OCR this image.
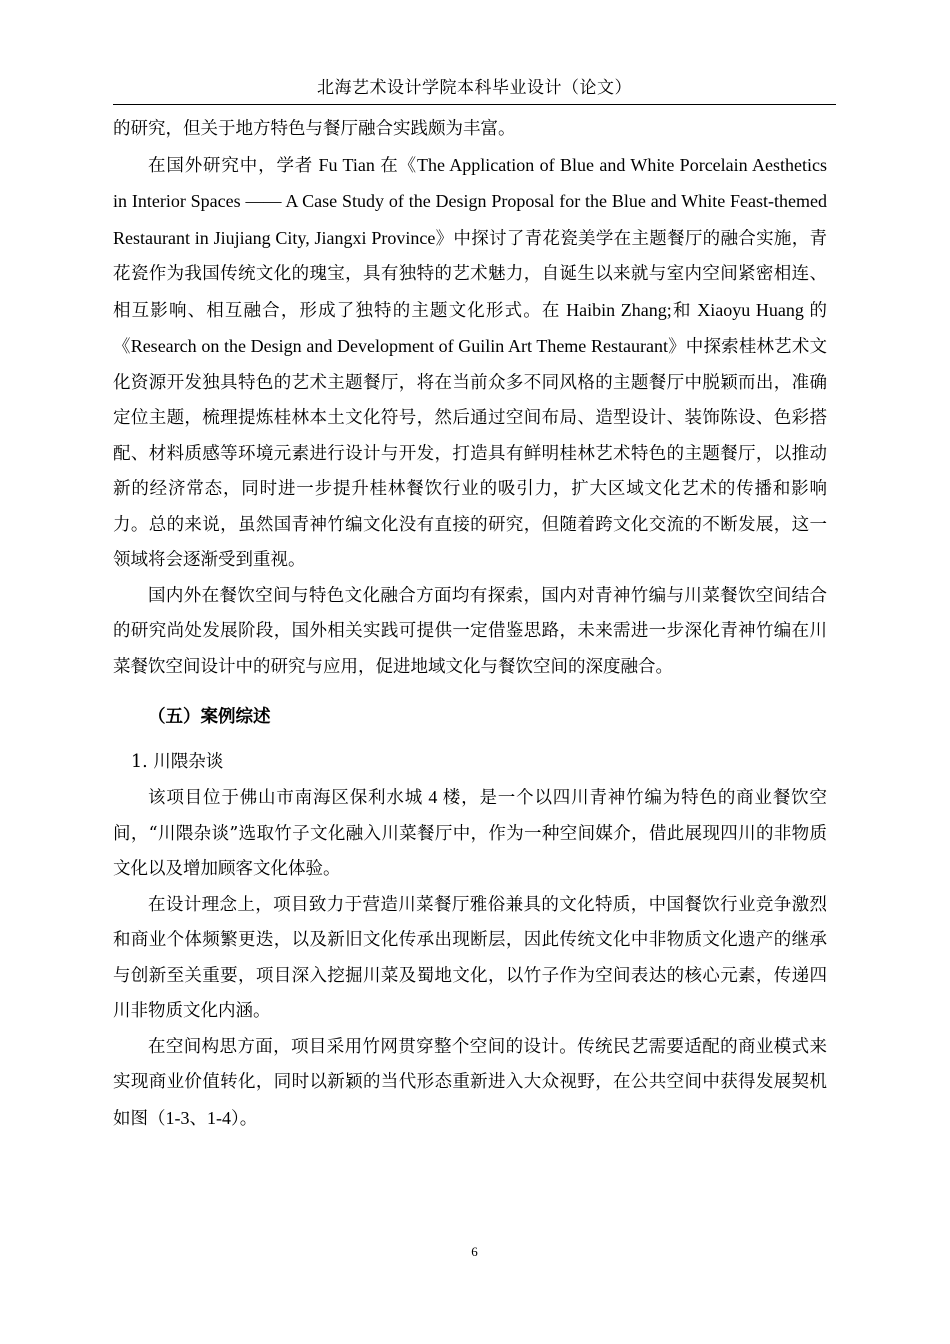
北海艺术设计学院本科毕业设计（论文）

的研究，但关于地方特色与餐厅融合实践颇为丰富。

在国外研究中，学者 Fu Tian 在《The Application of Blue and White Porcelain Aesthetics in Interior Spaces —— A Case Study of the Design Proposal for the Blue and White Feast-themed Restaurant in Jiujiang City, Jiangxi Province》中探讨了青花瓷美学在主题餐厅的融合实施，青花瓷作为我国传统文化的瑰宝，具有独特的艺术魅力，自诞生以来就与室内空间紧密相连、相互影响、相互融合，形成了独特的主题文化形式。在 Haibin Zhang;和 Xiaoyu Huang 的《Research on the Design and Development of Guilin Art Theme Restaurant》中探索桂林艺术文化资源开发独具特色的艺术主题餐厅，将在当前众多不同风格的主题餐厅中脱颖而出，准确定位主题，梳理提炼桂林本土文化符号，然后通过空间布局、造型设计、装饰陈设、色彩搭配、材料质感等环境元素进行设计与开发，打造具有鲜明桂林艺术特色的主题餐厅，以推动新的经济常态，同时进一步提升桂林餐饮行业的吸引力，扩大区域文化艺术的传播和影响力。总的来说，虽然国青神竹编文化没有直接的研究，但随着跨文化交流的不断发展，这一领域将会逐渐受到重视。

国内外在餐饮空间与特色文化融合方面均有探索，国内对青神竹编与川菜餐饮空间结合的研究尚处发展阶段，国外相关实践可提供一定借鉴思路，未来需进一步深化青神竹编在川菜餐饮空间设计中的研究与应用，促进地域文化与餐饮空间的深度融合。

（五）案例综述

1. 川隈杂谈

该项目位于佛山市南海区保利水城 4 楼，是一个以四川青神竹编为特色的商业餐饮空间，“川隈杂谈”选取竹子文化融入川菜餐厅中，作为一种空间媒介，借此展现四川的非物质文化以及增加顾客文化体验。

在设计理念上，项目致力于营造川菜餐厅雅俗兼具的文化特质，中国餐饮行业竞争激烈和商业个体频繁更迭，以及新旧文化传承出现断层，因此传统文化中非物质文化遗产的继承与创新至关重要，项目深入挖掘川菜及蜀地文化，以竹子作为空间表达的核心元素，传递四川非物质文化内涵。

在空间构思方面，项目采用竹网贯穿整个空间的设计。传统民艺需要适配的商业模式来实现商业价值转化，同时以新颖的当代形态重新进入大众视野，在公共空间中获得发展契机如图（1-3、1-4）。

6
